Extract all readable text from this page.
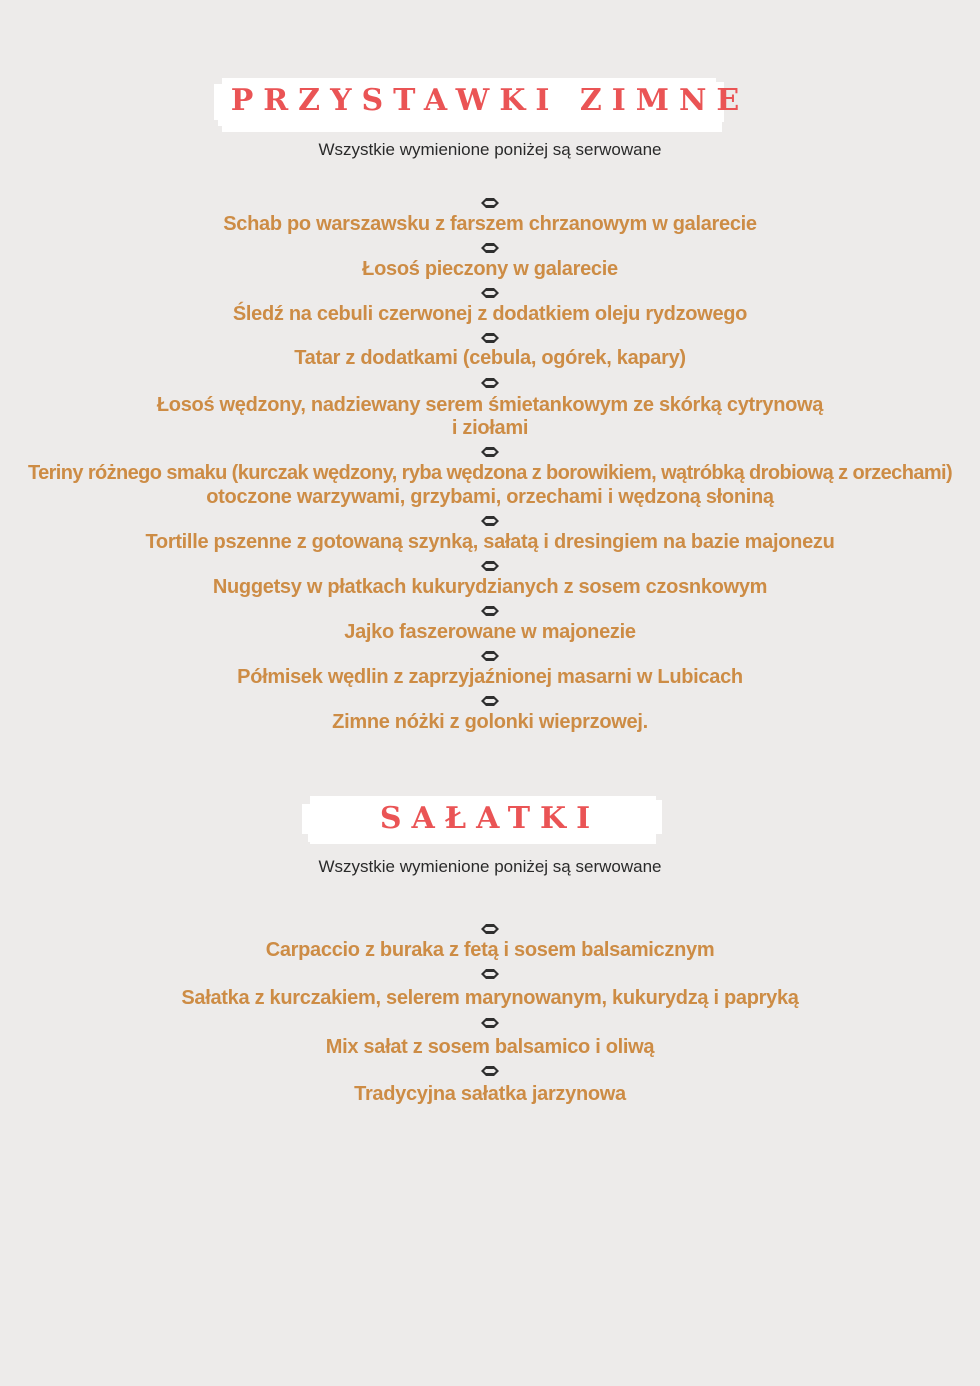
PRZYSTAWKI ZIMNE
Wszystkie wymienione poniżej są serwowane
Schab po warszawsku z farszem chrzanowym w galarecie
Łosoś pieczony w galarecie
Śledź na cebuli czerwonej z dodatkiem oleju rydzowego
Tatar z dodatkami (cebula, ogórek, kapary)
Łosoś wędzony, nadziewany serem śmietankowym ze skórką cytrynową
i ziołami
Teriny różnego smaku (kurczak wędzony, ryba wędzona z borowikiem, wątróbką drobiową z orzechami)
otoczone warzywami, grzybami, orzechami i wędzoną słoniną
Tortille pszenne z gotowaną szynką, sałatą i dresingiem na bazie majonezu
Nuggetsy w płatkach kukurydzianych z sosem czosnkowym
Jajko faszerowane w majonezie
Półmisek wędlin z zaprzyjaźnionej masarni w Lubicach
Zimne nóżki z golonki wieprzowej.
SAŁATKI
Wszystkie wymienione poniżej są serwowane
Carpaccio z buraka z fetą i sosem balsamicznym
Sałatka z kurczakiem, selerem marynowanym, kukurydzą i papryką
Mix sałat z sosem balsamico i oliwą
Tradycyjna sałatka jarzynowa
